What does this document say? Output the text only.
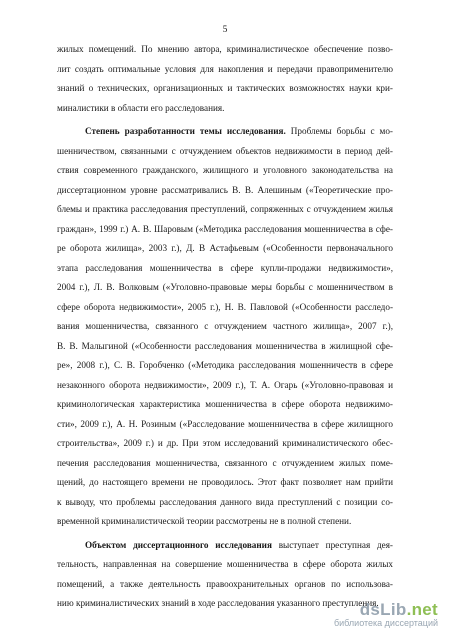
5
жилых помещений. По мнению автора, криминалистическое обеспечение позво-
лит создать оптимальные условия для накопления и передачи правоприменителю
знаний о технических, организационных и тактических возможностях науки кри-
миналистики в области его расследования.
Степень разработанности темы исследования. Проблемы борьбы с мо-
шенничеством, связанными с отчуждением объектов недвижимости в период дей-
ствия современного гражданского, жилищного и уголовного законодательства на
диссертационном уровне рассматривались В. В. Алешиным («Теоретические про-
блемы и практика расследования преступлений, сопряженных с отчуждением жилья
граждан», 1999 г.) А. В. Шаровым («Методика расследования мошенничества в сфе-
ре оборота жилища», 2003 г.), Д. В Астафьевым («Особенности первоначального
этапа расследования мошенничества в сфере купли-продажи недвижимости»,
2004 г.), Л. В. Волковым («Уголовно-правовые меры борьбы с мошенничеством в
сфере оборота недвижимости», 2005 г.), Н. В. Павловой («Особенности расследо-
вания мошенничества, связанного с отчуждением частного жилища», 2007 г.),
В. В. Малыгиной («Особенности расследования мошенничества в жилищной сфе-
ре», 2008 г.), С. В. Горобченко («Методика расследования мошенничеств в сфере
незаконного оборота недвижимости», 2009 г.), Т. А. Огарь («Уголовно-правовая и
криминологическая характеристика мошенничества в сфере оборота недвижимо-
сти», 2009 г.), А. Н. Розиным («Расследование мошенничества в сфере жилищного
строительства», 2009 г.) и др. При этом исследований криминалистического обес-
печения расследования мошенничества, связанного с отчуждением жилых поме-
щений, до настоящего времени не проводилось. Этот факт позволяет нам прийти
к выводу, что проблемы расследования данного вида преступлений с позиции со-
временной криминалистической теории рассмотрены не в полной степени.
Объектом диссертационного исследования выступает преступная дея-
тельность, направленная на совершение мошенничества в сфере оборота жилых
помещений, а также деятельность правоохранительных органов по использова-
нию криминалистических знаний в ходе расследования указанного преступления.
dsLib.net
библиотека диссертаций
